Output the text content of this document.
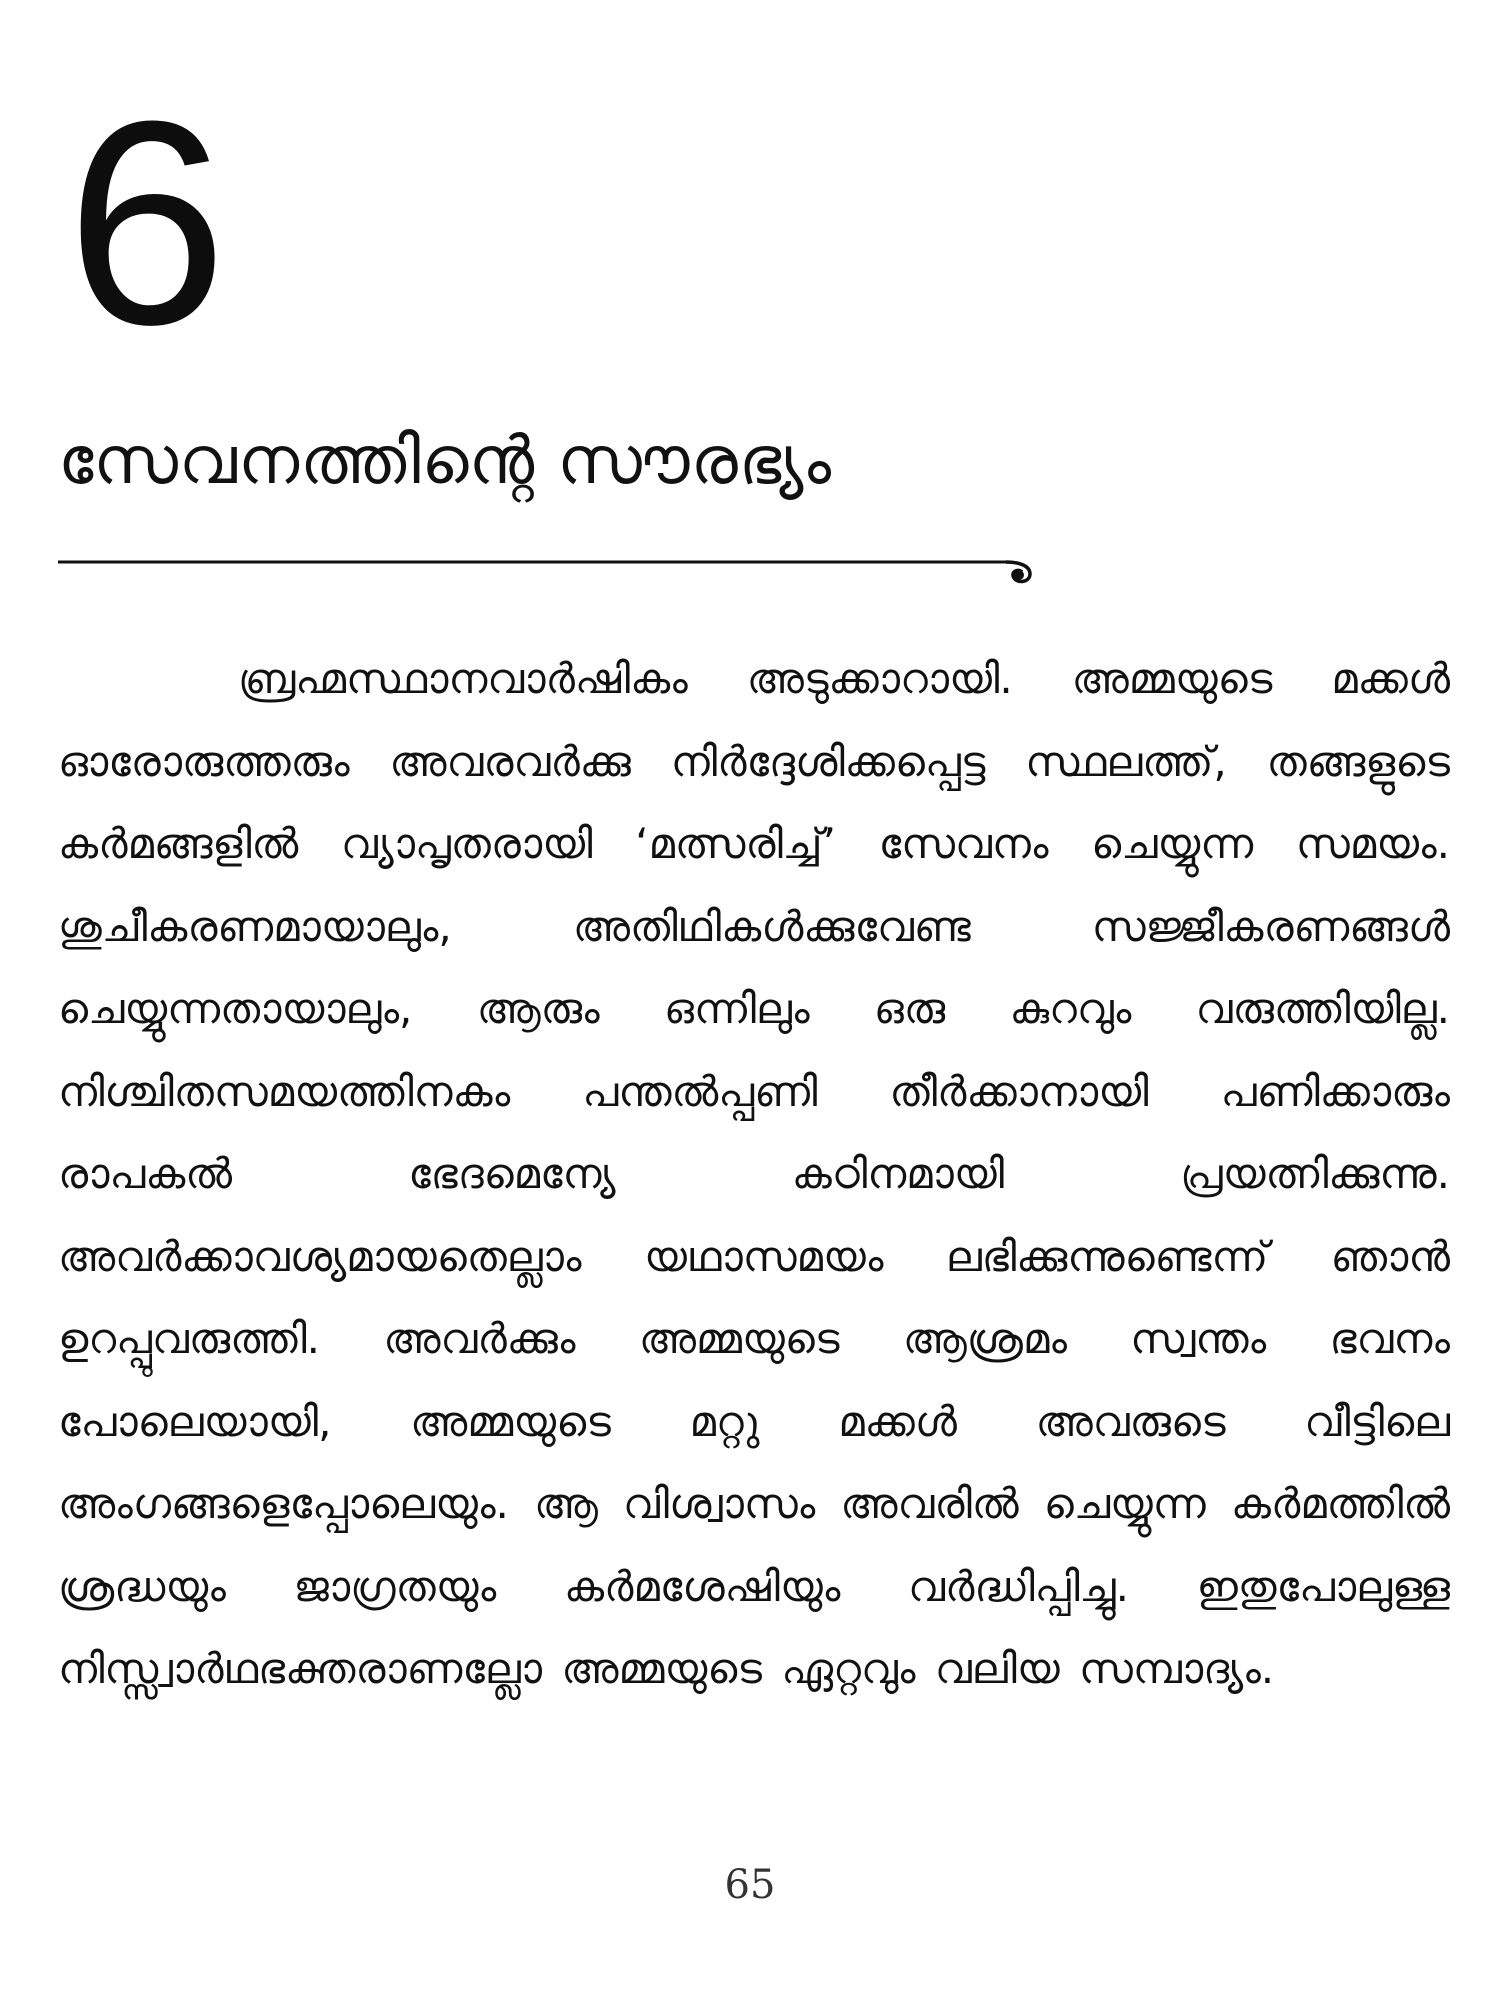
6
സേവനത്തിന്റെ സൗരഭ്യം

ബ്രഹ്മസ്ഥാനവാർഷികം അടുക്കാറായി. അമ്മയുടെ മക്കൾ ഓരോരുത്തരും അവരവർക്കു നിർദ്ദേശിക്കപ്പെട്ട സ്ഥലത്ത്, തങ്ങളുടെ കർമങ്ങളിൽ വ്യാപൃതരായി ‘മത്സരിച്ച്’ സേവനം ചെയ്യുന്ന സമയം. ശുചീകരണമായാലും, അതിഥികൾക്കുവേണ്ട സജ്ജീകരണങ്ങൾ ചെയ്യുന്നതായാലും, ആരും ഒന്നിലും ഒരു കുറവും വരുത്തിയില്ല. നിശ്ചിതസമയത്തിനകം പന്തൽപ്പണി തീർക്കാനായി പണിക്കാരും രാപകൽ ഭേദമെന്യേ കഠിനമായി പ്രയത്നിക്കുന്നു. അവർക്കാവശ്യമായതെല്ലാം യഥാസമയം ലഭിക്കുന്നുണ്ടെന്ന് ഞാൻ ഉറപ്പുവരുത്തി. അവർക്കും അമ്മയുടെ ആശ്രമം സ്വന്തം ഭവനം പോലെയായി, അമ്മയുടെ മറ്റു മക്കൾ അവരുടെ വീട്ടിലെ അംഗങ്ങളെപ്പോലെയും. ആ വിശ്വാസം അവരിൽ ചെയ്യുന്ന കർമത്തിൽ ശ്രദ്ധയും ജാഗ്രതയും കർമശേഷിയും വർദ്ധിപ്പിച്ചു. ഇതുപോലുള്ള നിസ്സ്വാർഥഭക്തരാണല്ലോ അമ്മയുടെ ഏറ്റവും വലിയ സമ്പാദ്യം.

65
